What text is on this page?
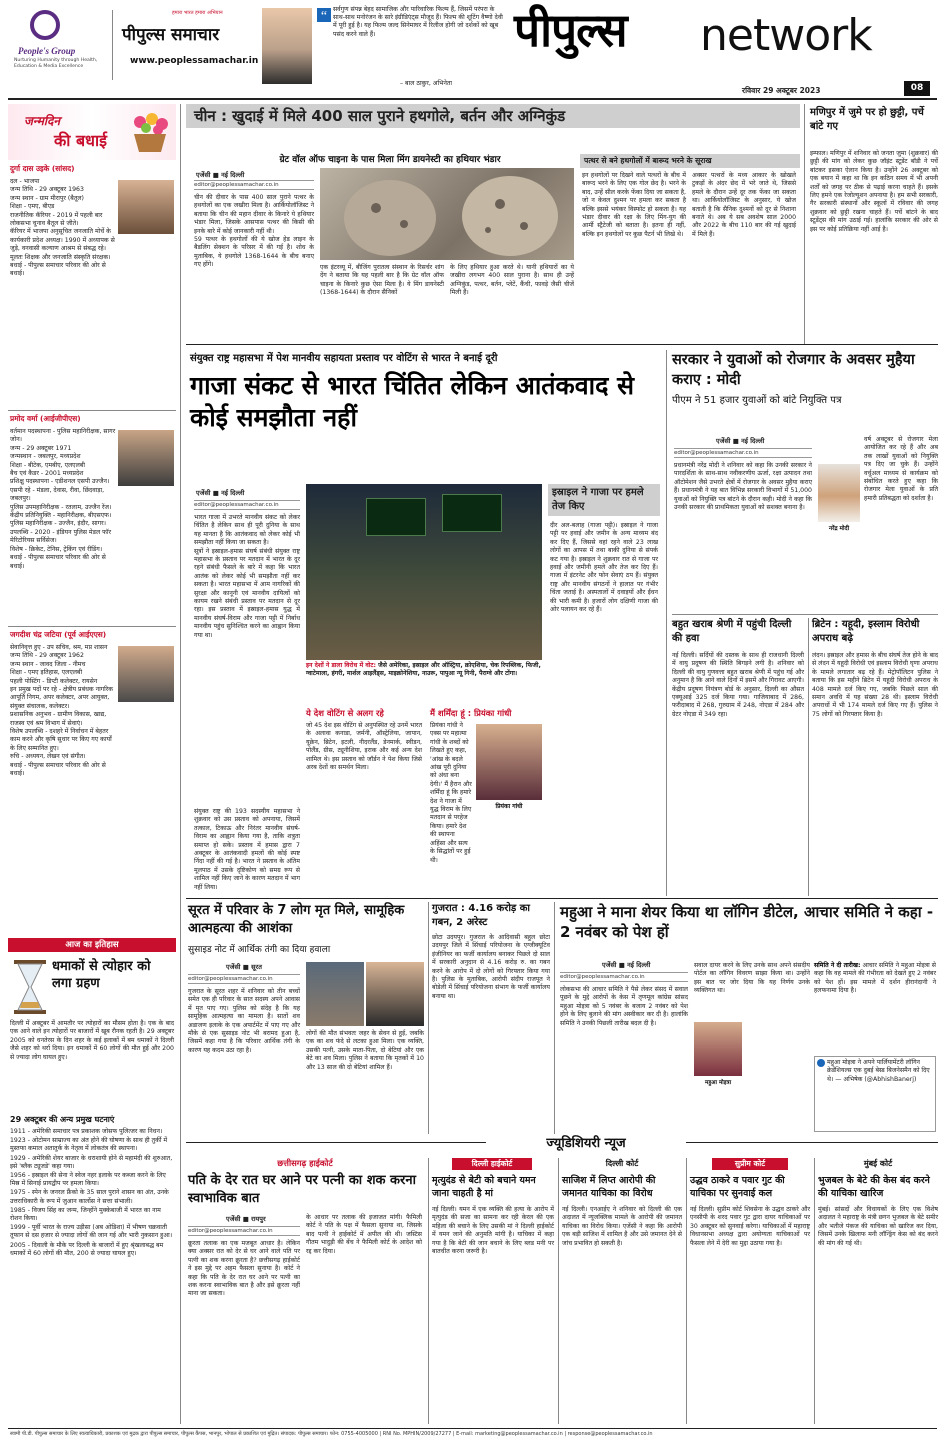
People's Group
Nurturing Humanity through Health, Education & Media Excellence
हमारा भारत हमारा अभियान
पीपुल्स समाचार
www.peoplessamachar.in
“ सर्वगुण संपन्न बेहद सामाजिक और पारिवारिक फिल्म हैं, जिसमें परंपरा के साथ-साथ मनोरंजन के सारे इंग्रीडिएंट्स मौजूद हैं। फिल्म की शूटिंग वैष्णो देवी में पूरी हुई है। यह फिल्म जल्द सिनेमाघर में रिलीज होगी जो दर्शकों को खूब पसंद करने वाले हैं।
– बाल ठाकुर, अभिनेता
पीपुल्स network
रविवार 29 अक्टूबर 2023	08
जन्मदिन
की बधाई
दुर्गा दास उइके (सांसद)
दल - भाजपा
जन्म तिथि - 29 अक्टूबर 1963
जन्म स्थान - ग्राम मीरापुर (बैतूल)
शिक्षा - एमए, बीएड
राजनीतिक कॅरियर - 2019 में पहली बार लोकसभा चुनाव बैतूल से जीते।
कॅरियर में भाजपा अनुसूचित जनजाति मोर्चे के कार्यकारी प्रदेश अध्यक्ष। 1990 में अध्यापक से जुड़े, वनवासी कल्याण आश्रम से संबद्ध रहे। मूलतः शिक्षक और जनजाति संस्कृति संरक्षक।
बधाई - पीपुल्स समाचार परिवार की ओर से बधाई।
प्रमोद वर्मा (आईजीपीएस)
वर्तमान पदस्थापना - पुलिस महानिरीक्षक, सागर जोन।
जन्म - 29 अक्टूबर 1971
जन्मस्थान - जबलपुर, मध्यप्रदेश
शिक्षा - बीटेक, एमबीए, एलएलबी
बैच एवं कैडर - 2001 मध्यप्रदेश
प्रशिक्षु पदस्थापना - एडीशनल एसपी उज्जैन।
एसपी रहे - मंडला, देवास, रीवा, छिंदवाड़ा, जबलपुर।
पुलिस उपमहानिरीक्षक - रतलाम, उज्जैन रेंज।
केंद्रीय प्रतिनियुक्ति - महानिरीक्षक, बीएसएफ।
पुलिस महानिरीक्षक - उज्जैन, इंदौर, सागर।
उपलब्धि - 2020 - इंडियन पुलिस मेडल फॉर मेरिटोरियस सर्विसेज।
विशेष - क्रिकेट, टेनिस, ट्रेकिंग एवं रीडिंग।
बधाई - पीपुल्स समाचार परिवार की ओर से बधाई।
जगदीश चंद्र जटिया (पूर्व आईएएस)
सेवानिवृत्त हुए - उप सचिव, श्रम, मप्र शासन
जन्म तिथि - 29 अक्टूबर 1962
जन्म स्थान - जावद जिला - नीमच
शिक्षा - एमए इतिहास, एलएलबी
पहली पोस्टिंग - डिप्टी कलेक्टर, रायसेन
इन प्रमुख पदों पर रहे - क्षेत्रीय प्रबंधक नागरिक आपूर्ति निगम, अपर कलेक्टर, अपर आयुक्त, संयुक्त संचालक, कलेक्टर।
प्रशासनिक अनुभव - ग्रामीण विकास, खाद्य, राजस्व एवं श्रम विभाग में सेवाएं।
विशेष उपलब्धि - दशहरे में निर्वाचन में बेहतर काम करने और कृषि सुधार पर किए गए कार्यों के लिए सम्मानित हुए।
रुचि - अध्ययन, लेखन एवं संगीत।
बधाई - पीपुल्स समाचार परिवार की ओर से बधाई।
आज का इतिहास
धमाकों से त्योहार को लगा ग्रहण
दिल्ली में अक्टूबर में आमतौर पर त्योहारों का मौसम होता है। एक के बाद एक आने वाले इन त्योहारों पर बाजारों में खूब रौनक रहती है। 29 अक्टूबर 2005 को धनतेरस के दिन शहर के कई इलाकों में बम धमाकों ने दिल्ली जैसे शहर को थर्रा दिया। इन धमाकों में 60 लोगों की मौत हुई और 200 से ज्यादा लोग घायल हुए।
29 अक्टूबर की अन्य प्रमुख घटनाएं
1911 - अमेरिकी समाचार पत्र प्रकाशक जोसफ पुलित्जर का निधन।
1923 - ओटोमन साम्राज्य का अंत होने की घोषणा के साथ ही तुर्की में मुस्तफा कमाल अतातुर्क के नेतृत्व में लोकतंत्र की स्थापना।
1929 - अमेरिकी शेयर बाजार के धराशायी होने से महामंदी की शुरुआत, इसे 'ब्लैक ट्यूजडे' कहा गया।
1956 - इस्राइल की सेना ने स्वेज नहर इलाके पर कब्जा करने के लिए मिस्र में सिनाई प्रायद्वीप पर हमला किया।
1975 - स्पेन के जनरल फ्रैंको के 35 साल पुराने शासन का अंत, उनके उत्तराधिकारी के रूप में जुआन कार्लोस ने सत्ता संभाली।
1985 - विजय सिंह का जन्म, जिन्होंने मुक्केबाजी में भारत का नाम रोशन किया।
1999 - पूर्वी भारत के राज्य उड़ीसा (अब ओडिशा) में भीषण चक्रवाती तूफान से दस हजार से ज्यादा लोगों की जान गई और भारी नुकसान हुआ।
2005 - दिवाली के मौके पर दिल्ली के बाजारों में हुए श्रृंखलाबद्ध बम धमाकों में 60 लोगों की मौत, 200 से ज्यादा घायल हुए।
चीन : खुदाई में मिले 400 साल पुराने हथगोले, बर्तन और अग्निकुंड
ग्रेट वॉल ऑफ चाइना के पास मिला मिंग डायनेस्टी का हथियार भंडार
एजेंसी ■ नई दिल्ली
editor@peoplessamachar.co.in
चीन की दीवार के पास 400 साल पुराने पत्थर के हथगोलों का एक जखीरा मिला है। आर्कियोलॉजिस्ट ने बताया कि चीन की महान दीवार के किनारे ये हथियार भंडार मिला, जिसके आसपास पत्थर की किसी की इनके बारे में कोई जानकारी नहीं थी।
59 पत्थर के हथगोलों की ये खोज हेड लाइन के बैडलिंग सेक्शन के परिसर में की गई है। शोध के मुताबिक, ये हथगोले 1368-1644 के बीच बनाए गए होंगे।	एक इंटरव्यू में, बीजिंग पुरातत्व संस्थान के रिसर्चर शांग देंग ने बताया कि यह पहली बार है कि ग्रेट वॉल ऑफ चाइना के किनारे कुछ ऐसा मिला है। ये मिंग डायनेस्टी (1368-1644) के दौरान सैनिकों
के लिए हथियार हुआ करते थे। यानी हथियारों का ये जखीरा लगभग 400 साल पुराना है। साथ ही उन्हें अग्निकुंड, पत्थर, बर्तन, प्लेटें, कैंची, फावड़े जैसी चीजें मिली हैं।
पत्थर से बने हथगोलों में बारूद भरने के सूराख
इन हथगोलों पर दिखने वाले पत्थरों के बीच में बारूद भरने के लिए एक गोल छेद है। भरने के बाद, उन्हें सील करके फेंका दिया जा सकता है, जो न केवल दुश्मन पर हमला कर सकता है बल्कि इससे भयंकर विस्फोट हो सकता है। यह भंडार दीवार की रक्षा के लिए मिंग-युग की आर्मी स्ट्रैटेजी को बताता है। इतना ही नहीं, बल्कि इन हथगोलों पर कुछ पैटर्न भी लिखे थे।
अक्सर पत्थरों के मध्य आकार के खोखले टुकड़ों के अंदर छेद में भरे जाते थे, जिससे हमले के दौरान उन्हें दूर तक फेंका जा सकता था। आर्कियोलॉजिस्ट के अनुसार, ये खोज बताती है कि सैनिक दुश्मनों को दूर से निशाना बनाते थे। अब ये सब अवशेष साल 2000 और 2022 के बीच 110 बार की गई खुदाई में मिले हैं।
मणिपुर में जुमे पर हो छुट्टी, पर्चे बांटे गए
इम्फाल। मणिपुर में शनिवार को जनता जुमा (शुक्रवार) की छुट्टी की मांग को लेकर कुछ जॉइंट स्टूडेंट बॉडी ने पर्चे बांटकर इसका ऐलान किया है। उन्होंने 26 अक्टूबर को एक बयान में कहा था कि इन कठिन समय में भी अपनी शर्तों को जगह पर ठीक से पढ़ाई करना चाहते हैं। इसके लिए हमने एक रेजोल्यूशन अपनाया है। हम सभी सरकारी, गैर सरकारी संस्थानों और स्कूलों में रविवार की जगह शुक्रवार को छुट्टी रखना चाहते हैं। पर्चे बांटने के बाद स्टूडेंट्स की मांग उठाई गई। हालांकि सरकार की ओर से इस पर कोई प्रतिक्रिया नहीं आई है।
संयुक्त राष्ट्र महासभा में पेश मानवीय सहायता प्रस्ताव पर वोटिंग से भारत ने बनाई दूरी
गाजा संकट से भारत चिंतित लेकिन आतंकवाद से कोई समझौता नहीं
एजेंसी ■ नई दिल्ली
editor@peoplessamachar.co.in
भारत गाजा में उभरते मानवीय संकट को लेकर चिंतित है लेकिन साथ ही पूरी दुनिया के साथ यह मानता है कि आतंकवाद को लेकर कोई भी समझौता नहीं किया जा सकता है।
सूत्रों ने इस्राइल-हमास संघर्ष संबंधी संयुक्त राष्ट्र महासभा के प्रस्ताव पर मतदान में भारत के दूर रहने संबंधी फैसले के बारे में कहा कि भारत आतंक को लेकर कोई भी समझौता नहीं कर सकता है। भारत महासभा में आम नागरिकों की सुरक्षा और कानूनी एवं मानवीय दायित्वों को कायम रखने संबंधी प्रस्ताव पर मतदान से दूर रहा। इस प्रस्ताव में इस्राइल-हमास युद्ध में मानवीय संघर्ष-विराम और गाजा पट्टी में निर्बाध मानवीय पहुंच सुनिश्चित करने का आह्वान किया गया था।
संयुक्त राष्ट्र की 193 सदस्यीय महासभा ने शुक्रवार को उस प्रस्ताव को अपनाया, जिसमें तत्काल, टिकाऊ और निरंतर मानवीय संघर्ष-विराम का आह्वान किया गया है, ताकि शत्रुता समाप्त हो सके। प्रस्ताव में हमास द्वारा 7 अक्टूबर के आतंकवादी हमलों की कोई स्पष्ट निंदा नहीं की गई है। भारत ने प्रस्ताव के अंतिम मूलपाठ में उसके दृष्टिकोण को समग्र रूप से शामिल नहीं किए जाने के कारण मतदान में भाग नहीं लिया।
इन देशों ने डाला विरोध में वोट: जैसे अमेरिका, इस्राइल और ऑस्ट्रिया, क्रोएशिया, चेक रिपब्लिक, फिजी, ग्वाटेमाला, हंगरी, मार्शल आइलैंड्स, माइक्रोनेशिया, नाउरू, पापुआ न्यू गिनी, पैराग्वे और टोंगा।
ये देश वोटिंग से अलग रहे
जो 45 देश इस वोटिंग से अनुपस्थित रहे उनमें भारत के अलावा कनाडा, जर्मनी, ऑस्ट्रेलिया, जापान, यूक्रेन, ब्रिटेन, इटली, नीदरलैंड, डेनमार्क, स्वीडन, पोलैंड, ग्रीस, ट्यूनीशिया, इराक और कई अन्य देश शामिल थे। इस प्रस्ताव को जॉर्डन ने पेश किया जिसे अरब देशों का समर्थन मिला।
मैं शर्मिंदा हूं : प्रियंका गांधी
प्रियंका गांधी
प्रियंका गांधी ने एक्स पर महात्मा गांधी के शब्दों को लिखते हुए कहा, 'आंख के बदले आंख पूरी दुनिया को अंधा बना देगी।' मैं हैरान और शर्मिंदा हूं कि हमारे देश ने गाजा में युद्ध विराम के लिए मतदान से परहेज किया। हमारे देश की स्थापना अहिंसा और सत्य के सिद्धांतों पर हुई थी।
इस्राइल ने गाजा पर हमले तेज किए
दीर अल-बलाह (गाजा पट्टी)। इस्राइल ने गाजा पट्टी पर हवाई और जमीन के अन्य माध्यम बंद कर दिए हैं, जिससे वहां रहने वाले 23 लाख लोगों का आपस में तथा बाकी दुनिया से संपर्क कट गया है। इस्राइल ने शुक्रवार रात से गाजा पर हवाई और जमीनी हमले और तेज कर दिए हैं। गाजा में इंटरनेट और फोन सेवाएं ठप हैं। संयुक्त राष्ट्र और मानवीय संगठनों ने हालात पर गंभीर चिंता जताई है। अस्पतालों में दवाइयों और ईंधन की भारी कमी है। हजारों लोग दक्षिणी गाजा की ओर पलायन कर रहे हैं।
सरकार ने युवाओं को रोजगार के अवसर मुहैया कराए : मोदी
पीएम ने 51 हजार युवाओं को बांटे नियुक्ति पत्र
एजेंसी ■ नई दिल्ली
editor@peoplessamachar.co.in
प्रधानमंत्री नरेंद्र मोदी ने शनिवार को कहा कि उनकी सरकार ने पारदर्शिता के साथ-साथ नवीकरणीय ऊर्जा, रक्षा उत्पादन तथा ऑटोमेशन जैसे उभरते क्षेत्रों में रोजगार के अवसर मुहैया कराए हैं। प्रधानमंत्री ने यह बात विभिन्न सरकारी विभागों में 51,000 युवाओं को नियुक्ति पत्र बांटने के दौरान कही। मोदी ने कहा कि उनकी सरकार की प्राथमिकता युवाओं को सशक्त बनाना है।
नरेंद्र मोदी
वर्ष अक्टूबर से रोजगार मेला आयोजित कर रहे हैं और अब तक लाखों युवाओं को नियुक्ति पत्र दिए जा चुके हैं। उन्होंने वर्चुअल माध्यम से कार्यक्रम को संबोधित करते हुए कहा कि रोजगार मेला युवाओं के प्रति हमारी प्रतिबद्धता को दर्शाता है।
बहुत खराब श्रेणी में पहुंची दिल्ली की हवा
नई दिल्ली। सर्दियों की दस्तक के साथ ही राजधानी दिल्ली में वायु प्रदूषण की स्थिति बिगड़ने लगी है। शनिवार को दिल्ली की वायु गुणवत्ता बहुत खराब श्रेणी में पहुंच गई और अनुमान है कि आने वाले दिनों में इसमें और गिरावट आएगी। केंद्रीय प्रदूषण नियंत्रण बोर्ड के अनुसार, दिल्ली का औसत एक्यूआई 325 दर्ज किया गया। गाजियाबाद में 286, फरीदाबाद में 268, गुरुग्राम में 248, नोएडा में 284 और ग्रेटर नोएडा में 349 रहा।
ब्रिटेन : यहूदी, इस्लाम विरोधी अपराध बढ़े
लंदन। इस्राइल और हमास के बीच संघर्ष तेज होने के बाद से लंदन में यहूदी विरोधी एवं इस्लाम विरोधी घृणा अपराध के मामले लगातार बढ़ रहे हैं। मेट्रोपॉलिटन पुलिस ने बताया कि इस महीने ब्रिटेन में यहूदी विरोधी अपराध के 408 मामले दर्ज किए गए, जबकि पिछले साल की समान अवधि में यह संख्या 28 थी। इस्लाम विरोधी अपराधों में भी 174 मामले दर्ज किए गए हैं। पुलिस ने 75 लोगों को गिरफ्तार किया है।
सूरत में परिवार के 7 लोग मृत मिले, सामूहिक आत्महत्या की आशंका
सुसाइड नोट में आर्थिक तंगी का दिया हवाला
एजेंसी ■ सूरत
editor@peoplessamachar.co.in
गुजरात के सूरत शहर में शनिवार को तीन बच्चों समेत एक ही परिवार के सात सदस्य अपने आवास में मृत पाए गए। पुलिस को संदेह है कि यह सामूहिक आत्महत्या का मामला है। सातों शव अडाजण इलाके के एक अपार्टमेंट में पाए गए और मौके से एक सुसाइड नोट भी बरामद हुआ है, जिसमें कहा गया है कि परिवार आर्थिक तंगी के कारण यह कदम उठा रहा है।
लोगों की मौत संभवतः जहर के सेवन से हुई, जबकि एक का शव फंदे से लटका हुआ मिला। एक व्यक्ति, उसकी पत्नी, उसके माता-पिता, दो बेटियां और एक बेटे का शव मिला। पुलिस ने बताया कि मृतकों में 10 और 13 साल की दो बेटियां शामिल हैं।
गुजरात : 4.16 करोड़ का गबन, 2 अरेस्ट
छोटा उदयपुर। गुजरात के आदिवासी बहुल छोटा उदयपुर जिले में सिंचाई परियोजना के एग्जीक्यूटिव इंजीनियर का फर्जी कार्यालय बनाकर पिछले दो साल में सरकारी अनुदान से 4.16 करोड़ रु. का गबन करने के आरोप में दो लोगों को गिरफ्तार किया गया है। पुलिस के मुताबिक, आरोपी संदीप राजपूत ने बोडेली में सिंचाई परियोजना संभाग के फर्जी कार्यालय बनाया था।
महुआ ने माना शेयर किया था लॉगिन डीटेल, आचार समिति ने कहा - 2 नवंबर को पेश हों
एजेंसी ■ नई दिल्ली
editor@peoplessamachar.co.in
लोकसभा की आचार समिति ने पैसे लेकर संसद में सवाल पूछने के मुद्दे आरोपों के केस में तृणमूल कांग्रेस सांसद महुआ मोइत्रा को 5 नवंबर के बजाय 2 नवंबर को पेश होने के लिए बुलाने की मांग अस्वीकार कर दी है। हालांकि समिति ने उनकी पिछली तारीख बदल दी है।
सवाल दायर करने के लिए उनके साथ अपने संसदीय पोर्टल का लॉगिन विवरण साझा किया था। उन्होंने इस बात पर जोर दिया कि यह निर्णय उनके व्यक्तिगत था।
महुआ मोइत्रा
समिति ने दी तारीख: आचार समिति ने महुआ मोइत्रा से कहा कि वह मामले की गंभीरता को देखते हुए 2 नवंबर को पेश हों। इस मामले में दर्शन हीरानंदानी ने हलफनामा दिया है।
महुआ मोइत्रा ने अपने पार्लियामेंटरी लॉगिन क्रेडेंशियल्स एक दुबई बेस्ड बिजनेसमैन को दिए थे। — अभिषेक (@AbhishBanerj)
ज्यूडिशियरी न्यूज
छत्तीसगढ़ हाईकोर्ट
पति के देर रात घर आने पर पत्नी का शक करना स्वाभाविक बात
एजेंसी ■ रायपुर
editor@peoplessamachar.co.in
क्रूरता तलाक का एक मजबूत आधार है। लेकिन क्या अक्सर रात को देर से घर आने वाले पति पर पत्नी का शक करना क्रूरता है? छत्तीसगढ़ हाईकोर्ट ने इस मुद्दे पर अहम फैसला सुनाया है। कोर्ट ने कहा कि पति के देर रात घर आने पर पत्नी का शक करना स्वाभाविक बात है और इसे क्रूरता नहीं माना जा सकता।
के आधार पर तलाक की इजाजत मांगी। फैमिली कोर्ट ने पति के पक्ष में फैसला सुनाया था, जिसके बाद पत्नी ने हाईकोर्ट में अपील की थी। जस्टिस गौतम भादुड़ी की बेंच ने फैमिली कोर्ट के आदेश को रद्द कर दिया।
दिल्ली हाईकोर्ट
मृत्युदंड से बेटी को बचाने यमन जाना चाहती है मां
नई दिल्ली। यमन में एक व्यक्ति की हत्या के आरोप में मृत्युदंड की सजा का सामना कर रही केरल की एक महिला की बचाने के लिए उसकी मां ने दिल्ली हाईकोर्ट में यमन जाने की अनुमति मांगी है। याचिका में कहा गया है कि बेटी की जान बचाने के लिए ब्लड मनी पर बातचीत करना जरूरी है।
दिल्ली कोर्ट
साजिश में लिप्त आरोपी की जमानत याचिका का विरोध
नई दिल्ली। एनआईए ने शनिवार को दिल्ली की एक अदालत में न्यूजक्लिक मामले के आरोपी की जमानत याचिका का विरोध किया। एजेंसी ने कहा कि आरोपी एक बड़ी साजिश में शामिल है और उसे जमानत देने से जांच प्रभावित हो सकती है।
सुप्रीम कोर्ट
उद्धव ठाकरे व पवार गुट की याचिका पर सुनवाई कल
नई दिल्ली। सुप्रीम कोर्ट शिवसेना के उद्धव ठाकरे और एनसीपी के शरद पवार गुट द्वारा दायर याचिकाओं पर 30 अक्टूबर को सुनवाई करेगा। याचिकाओं में महाराष्ट्र विधानसभा अध्यक्ष द्वारा अयोग्यता याचिकाओं पर फैसला लेने में देरी का मुद्दा उठाया गया है।
मुंबई कोर्ट
भुजबल के बेटे की केस बंद करने की याचिका खारिज
मुंबई। सांसदों और विधायकों के लिए एक विशेष अदालत ने महाराष्ट्र के मंत्री छगन भुजबल के बेटे समीर और भतीजे पंकज की याचिका को खारिज कर दिया, जिसमें उनके खिलाफ मनी लॉन्ड्रिंग केस को बंद करने की मांग की गई थी।
स्वामी पी.डी. पीपुल्स समाचार के लिए स्वत्वाधिकारी, प्रकाशक एवं मुद्रक द्वारा पीपुल्स समाचार, पीपुल्स कैंपस, भानपुर, भोपाल से प्रकाशित एवं मुद्रित। संपादक: पीपुल्स समाचार। फोन: 0755-4005000 | RNI No. MPHIN/2009/27277 | E-mail: marketing@peoplessamachar.co.in | response@peoplessamachar.co.in
